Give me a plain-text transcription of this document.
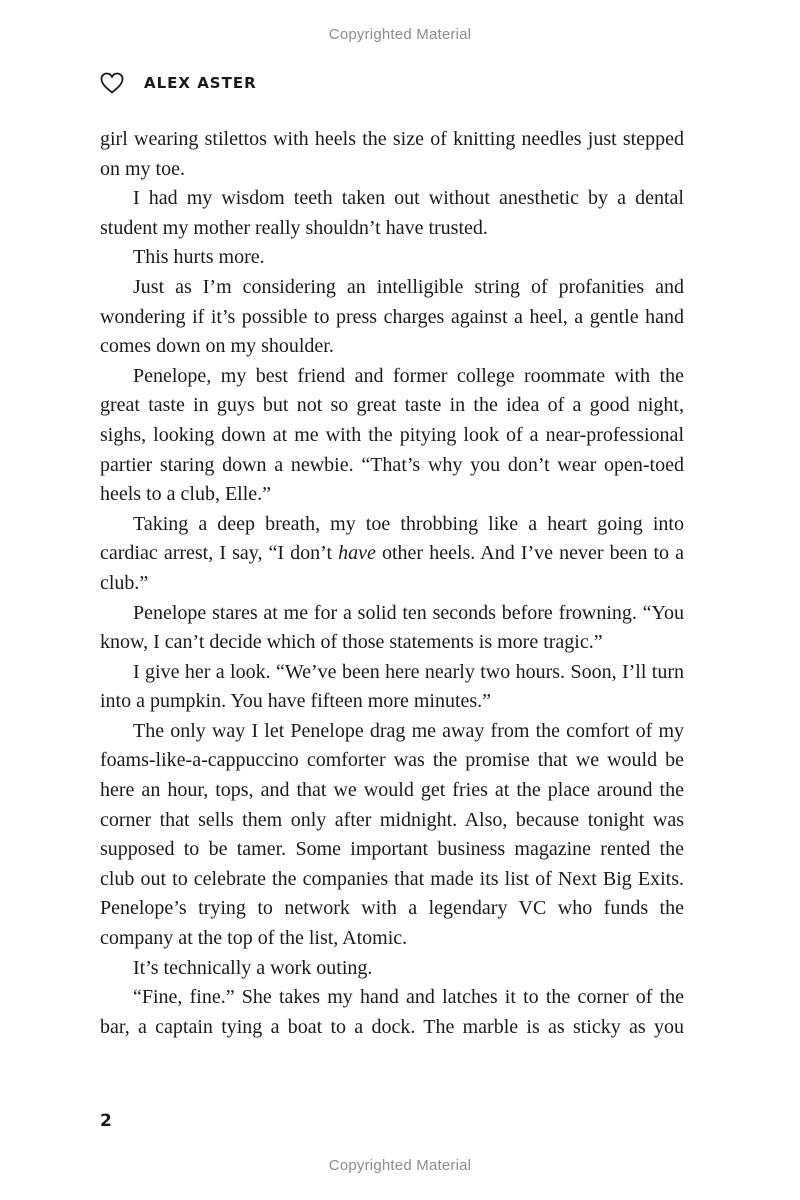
Copyrighted Material
ALEX ASTER

girl wearing stilettos with heels the size of knitting needles just stepped on my toe.

I had my wisdom teeth taken out without anesthetic by a dental student my mother really shouldn’t have trusted.

This hurts more.

Just as I’m considering an intelligible string of profanities and wondering if it’s possible to press charges against a heel, a gentle hand comes down on my shoulder.

Penelope, my best friend and former college roommate with the great taste in guys but not so great taste in the idea of a good night, sighs, looking down at me with the pitying look of a near-professional partier staring down a newbie. “That’s why you don’t wear open-toed heels to a club, Elle.”

Taking a deep breath, my toe throbbing like a heart going into cardiac arrest, I say, “I don’t have other heels. And I’ve never been to a club.”

Penelope stares at me for a solid ten seconds before frowning. “You know, I can’t decide which of those statements is more tragic.”

I give her a look. “We’ve been here nearly two hours. Soon, I’ll turn into a pumpkin. You have fifteen more minutes.”

The only way I let Penelope drag me away from the comfort of my foams-like-a-cappuccino comforter was the promise that we would be here an hour, tops, and that we would get fries at the place around the corner that sells them only after midnight. Also, because tonight was supposed to be tamer. Some important business magazine rented the club out to celebrate the companies that made its list of Next Big Exits. Penelope’s trying to network with a legendary VC who funds the company at the top of the list, Atomic.

It’s technically a work outing.

“Fine, fine.” She takes my hand and latches it to the corner of the bar, a captain tying a boat to a dock. The marble is as sticky as you

2
Copyrighted Material
